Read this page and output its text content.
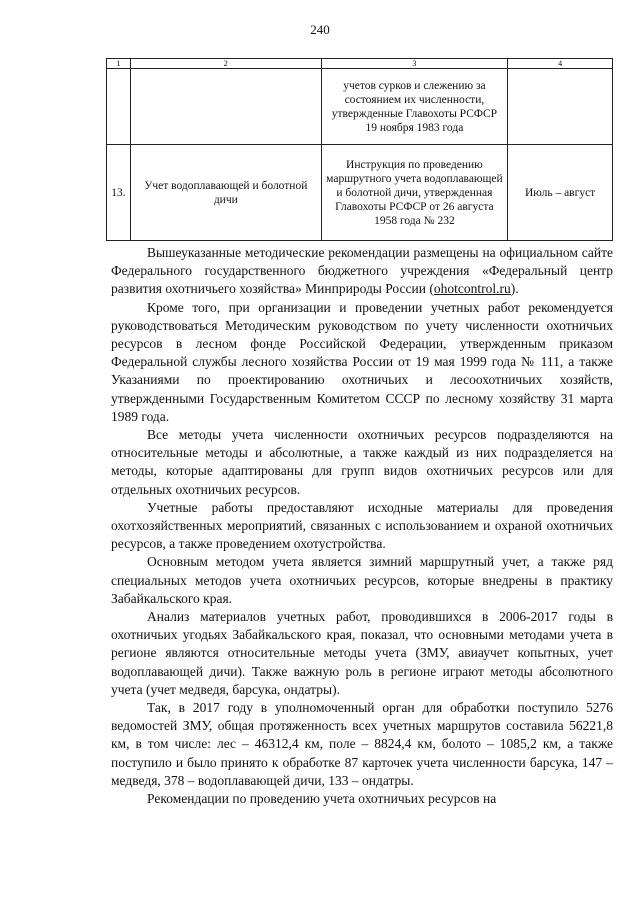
240
1	2	3	4
		учетов сурков и слежению за состоянием их численности, утвержденные Главохоты РСФСР 19 ноября 1983 года	
13.	Учет водоплавающей и болотной дичи	Инструкция по проведению маршрутного учета водоплавающей и болотной дичи, утвержденная Главохоты РСФСР от 26 августа 1958 года № 232	Июль – август

Вышеуказанные методические рекомендации размещены на официальном сайте Федерального государственного бюджетного учреждения «Федеральный центр развития охотничьего хозяйства» Минприроды России (ohotcontrol.ru).

Кроме того, при организации и проведении учетных работ рекомендуется руководствоваться Методическим руководством по учету численности охотничьих ресурсов в лесном фонде Российской Федерации, утвержденным приказом Федеральной службы лесного хозяйства России от 19 мая 1999 года № 111, а также Указаниями по проектированию охотничьих и лесоохотничьих хозяйств, утвержденными Государственным Комитетом СССР по лесному хозяйству 31 марта 1989 года.

Все методы учета численности охотничьих ресурсов подразделяются на относительные методы и абсолютные, а также каждый из них подразделяется на методы, которые адаптированы для групп видов охотничьих ресурсов или для отдельных охотничьих ресурсов.

Учетные работы предоставляют исходные материалы для проведения охотхозяйственных мероприятий, связанных с использованием и охраной охотничьих ресурсов, а также проведением охотустройства.

Основным методом учета является зимний маршрутный учет, а также ряд специальных методов учета охотничьих ресурсов, которые внедрены в практику Забайкальского края.

Анализ материалов учетных работ, проводившихся в 2006-2017 годы в охотничьих угодьях Забайкальского края, показал, что основными методами учета в регионе являются относительные методы учета (ЗМУ, авиаучет копытных, учет водоплавающей дичи). Также важную роль в регионе играют методы абсолютного учета (учет медведя, барсука, ондатры).

Так, в 2017 году в уполномоченный орган для обработки поступило 5276 ведомостей ЗМУ, общая протяженность всех учетных маршрутов составила 56221,8 км, в том числе: лес – 46312,4 км, поле – 8824,4 км, болото – 1085,2 км, а также поступило и было принято к обработке 87 карточек учета численности барсука, 147 – медведя, 378 – водоплавающей дичи, 133 – ондатры.

Рекомендации по проведению учета охотничьих ресурсов на
